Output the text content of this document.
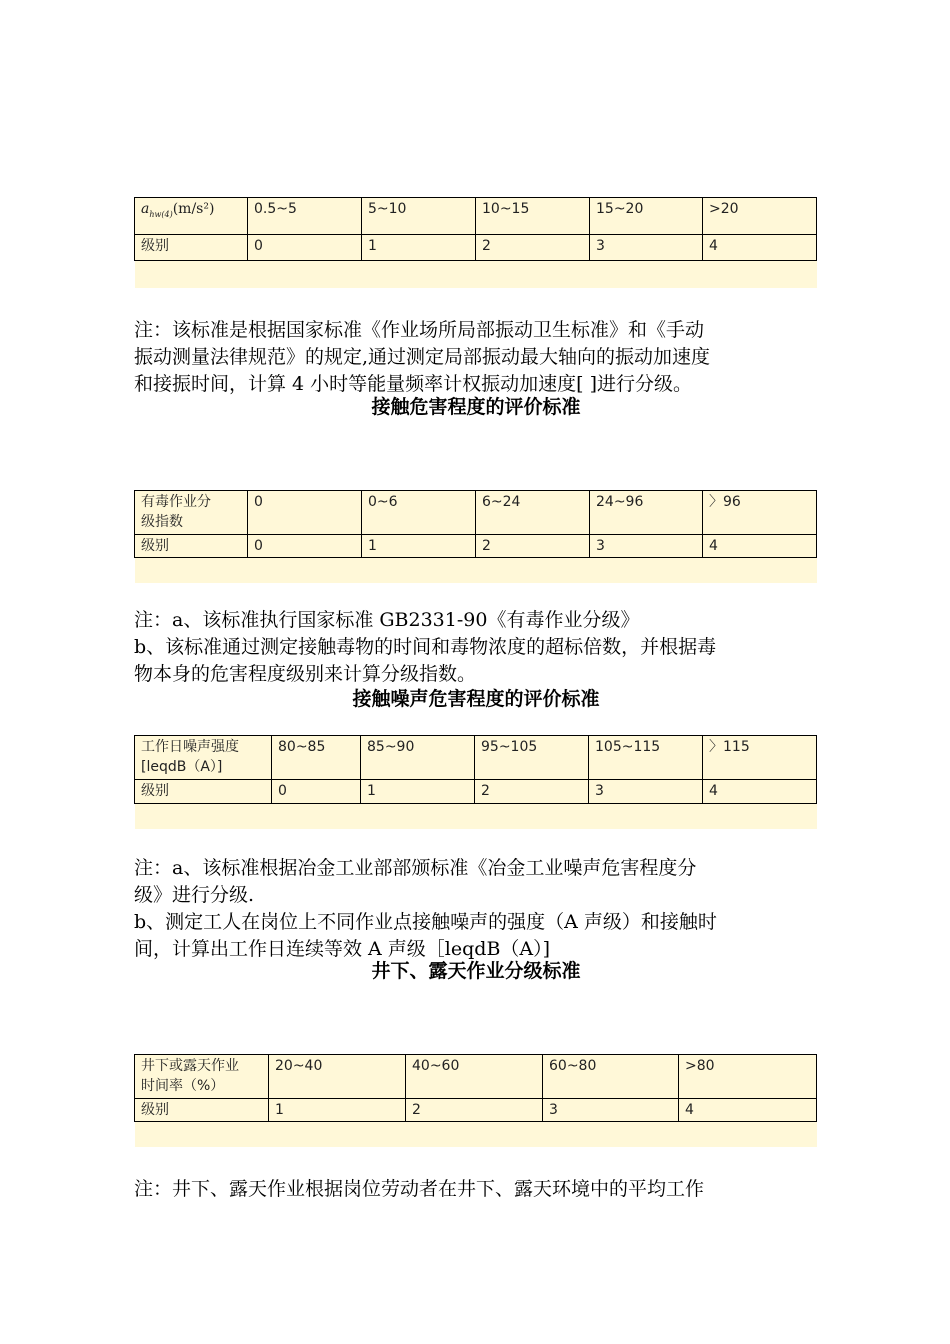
$a_{hw(4)}(m/s^2)$	0.5~5	5~10	10~15	15~20	>20
级别	0	1	2	3	4

注：该标准是根据国家标准《作业场所局部振动卫生标准》和《手动
振动测量法律规范》的规定,通过测定局部振动最大轴向的振动加速度
和接振时间，计算 4 小时等能量频率计权振动加速度[ ]进行分级。

接触危害程度的评价标准
有毒作业分
级指数	0	0~6	6~24	24~96	〉96
级别	0	1	2	3	4

注：a、该标准执行国家标准 GB2331-90《有毒作业分级》
b、该标准通过测定接触毒物的时间和毒物浓度的超标倍数，并根据毒
物本身的危害程度级别来计算分级指数。

接触噪声危害程度的评价标准
工作日噪声强度
[leqdB（A）]	80~85	85~90	95~105	105~115	〉115
级别	0	1	2	3	4

注：a、该标准根据冶金工业部部颁标准《冶金工业噪声危害程度分
级》进行分级.
b、测定工人在岗位上不同作业点接触噪声的强度（A 声级）和接触时
间，计算出工作日连续等效 A 声级［leqdB（A）]

井下、露天作业分级标准
井下或露天作业
时间率（%）	20~40	40~60	60~80	>80
级别	1	2	3	4

注：井下、露天作业根据岗位劳动者在井下、露天环境中的平均工作
